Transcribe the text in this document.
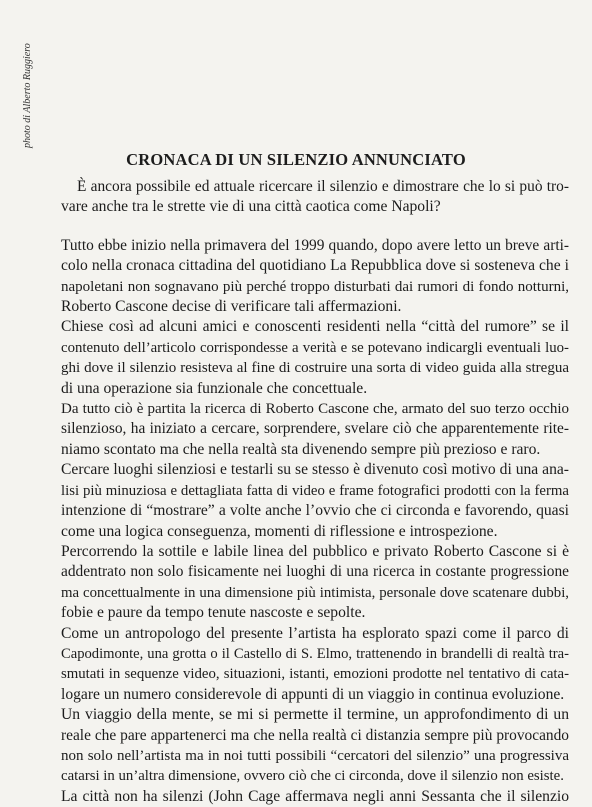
photo di Alberto Ruggiero
CRONACA DI UN SILENZIO ANNUNCIATO
È ancora possibile ed attuale ricercare il silenzio e dimostrare che lo si può tro-
vare anche tra le strette vie di una città caotica come Napoli?
Tutto ebbe inizio nella primavera del 1999 quando, dopo avere letto un breve arti-
colo nella cronaca cittadina del quotidiano La Repubblica dove si sosteneva che i
napoletani non sognavano più perché troppo disturbati dai rumori di fondo notturni,
Roberto Cascone decise di verificare tali affermazioni.
Chiese così ad alcuni amici e conoscenti residenti nella “città del rumore” se il
contenuto dell’articolo corrispondesse a verità e se potevano indicargli eventuali luo-
ghi dove il silenzio resisteva al fine di costruire una sorta di video guida alla stregua
di una operazione sia funzionale che concettuale.
Da tutto ciò è partita la ricerca di Roberto Cascone che, armato del suo terzo occhio
silenzioso, ha iniziato a cercare, sorprendere, svelare ciò che apparentemente rite-
niamo scontato ma che nella realtà sta divenendo sempre più prezioso e raro.
Cercare luoghi silenziosi e testarli su se stesso è divenuto così motivo di una ana-
lisi più minuziosa e dettagliata fatta di video e frame fotografici prodotti con la ferma
intenzione di “mostrare” a volte anche l’ovvio che ci circonda e favorendo, quasi
come una logica conseguenza, momenti di riflessione e introspezione.
Percorrendo la sottile e labile linea del pubblico e privato Roberto Cascone si è
addentrato non solo fisicamente nei luoghi di una ricerca in costante progressione
ma concettualmente in una dimensione più intimista, personale dove scatenare dubbi,
fobie e paure da tempo tenute nascoste e sepolte.
Come un antropologo del presente l’artista ha esplorato spazi come il parco di
Capodimonte, una grotta o il Castello di S. Elmo, trattenendo in brandelli di realtà tra-
smutati in sequenze video, situazioni, istanti, emozioni prodotte nel tentativo di cata-
logare un numero considerevole di appunti di un viaggio in continua evoluzione.
Un viaggio della mente, se mi si permette il termine, un approfondimento di un
reale che pare appartenerci ma che nella realtà ci distanzia sempre più provocando
non solo nell’artista ma in noi tutti possibili “cercatori del silenzio” una progressiva
catarsi in un’altra dimensione, ovvero ciò che ci circonda, dove il silenzio non esiste.
La città non ha silenzi (John Cage affermava negli anni Sessanta che il silenzio
